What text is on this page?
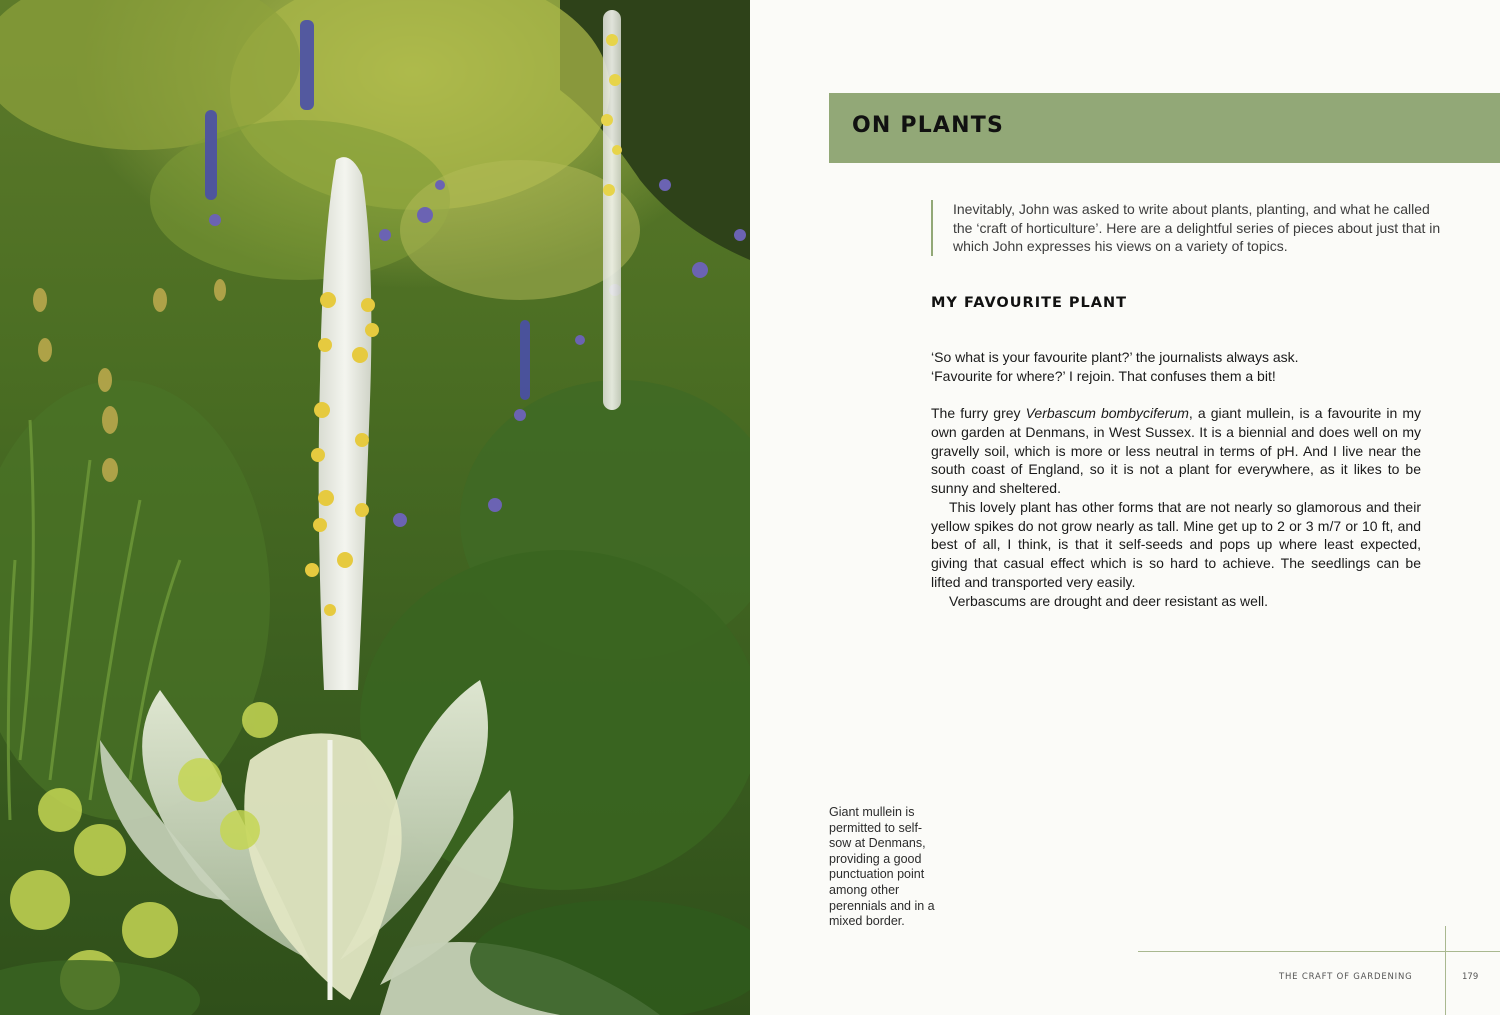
ON PLANTS

Inevitably, John was asked to write about plants, planting, and what he called the ‘craft of horticulture’. Here are a delightful series of pieces about just that in which John expresses his views on a variety of topics.

MY FAVOURITE PLANT

‘So what is your favourite plant?’ the journalists always ask.

‘Favourite for where?’ I rejoin. That confuses them a bit!

The furry grey Verbascum bombyciferum, a giant mullein, is a favourite in my own garden at Denmans, in West Sussex. It is a biennial and does well on my gravelly soil, which is more or less neutral in terms of pH. And I live near the south coast of England, so it is not a plant for everywhere, as it likes to be sunny and sheltered.

This lovely plant has other forms that are not nearly so glamorous and their yellow spikes do not grow nearly as tall. Mine get up to 2 or 3 m/7 or 10 ft, and best of all, I think, is that it self-seeds and pops up where least expected, giving that casual effect which is so hard to achieve. The seedlings can be lifted and transported very easily.

Verbascums are drought and deer resistant as well.

Giant mullein is permitted to self-sow at Denmans, providing a good punctuation point among other perennials and in a mixed border.

THE CRAFT OF GARDENING	179
